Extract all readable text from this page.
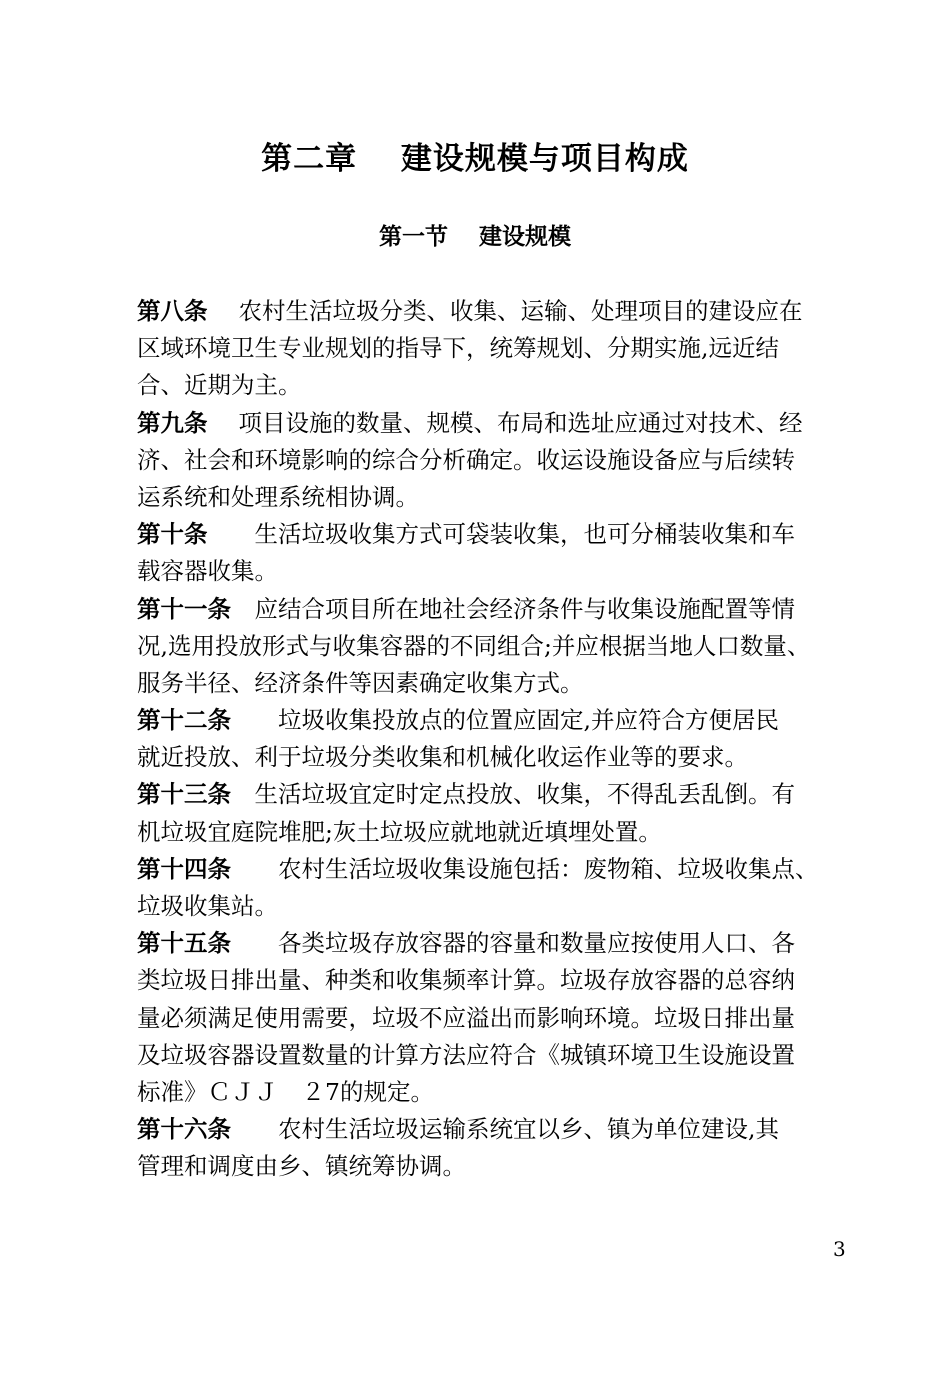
第二章　 建设规模与项目构成
第一节　 建设规模
第八条　 农村生活垃圾分类、收集、运输、处理项目的建设应在
区域环境卫生专业规划的指导下，统筹规划、分期实施,远近结
合、近期为主。
第九条　 项目设施的数量、规模、布局和选址应通过对技术、经
济、社会和环境影响的综合分析确定。收运设施设备应与后续转
运系统和处理系统相协调。
第十条　　生活垃圾收集方式可袋装收集，也可分桶装收集和车
载容器收集。
第十一条　应结合项目所在地社会经济条件与收集设施配置等情
况,选用投放形式与收集容器的不同组合;并应根据当地人口数量、
服务半径、经济条件等因素确定收集方式。
第十二条　　垃圾收集投放点的位置应固定,并应符合方便居民
就近投放、利于垃圾分类收集和机械化收运作业等的要求。
第十三条　生活垃圾宜定时定点投放、收集，不得乱丢乱倒。有
机垃圾宜庭院堆肥;灰土垃圾应就地就近填埋处置。
第十四条　　农村生活垃圾收集设施包括：废物箱、垃圾收集点、
垃圾收集站。
第十五条　　各类垃圾存放容器的容量和数量应按使用人口、各
类垃圾日排出量、种类和收集频率计算。垃圾存放容器的总容纳
量必须满足使用需要，垃圾不应溢出而影响环境。垃圾日排出量
及垃圾容器设置数量的计算方法应符合《城镇环境卫生设施设置
标准》ＣＪＪ　２7的规定。
第十六条　　农村生活垃圾运输系统宜以乡、镇为单位建设,其
管理和调度由乡、镇统筹协调。
3
